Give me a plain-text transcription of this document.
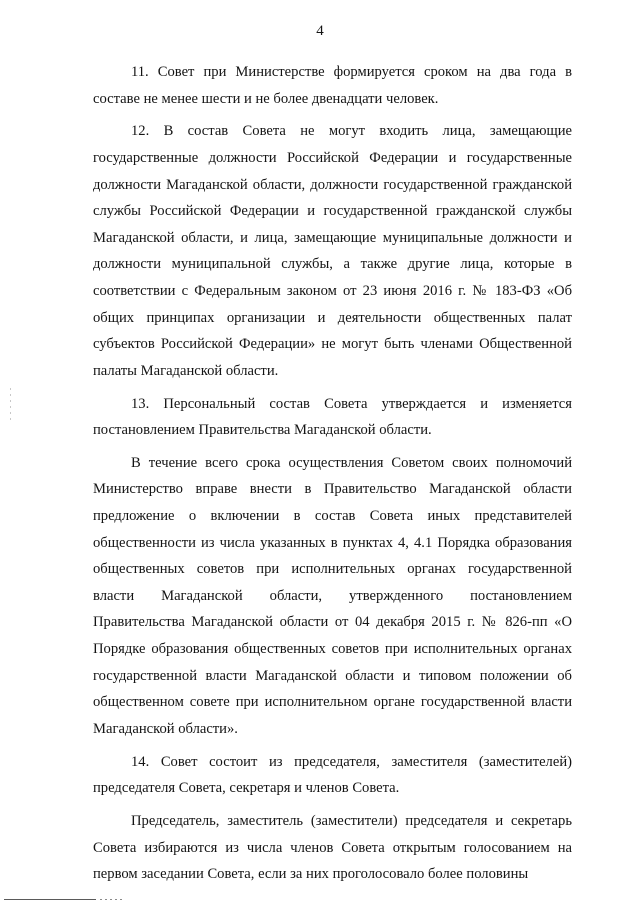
4

11. Совет при Министерстве формируется сроком на два года в составе не менее шести и не более двенадцати человек.

12. В состав Совета не могут входить лица, замещающие государственные должности Российской Федерации и государственные должности Магаданской области, должности государственной гражданской службы Российской Федерации и государственной гражданской службы Магаданской области, и лица, замещающие муниципальные должности и должности муниципальной службы, а также другие лица, которые в соответствии с Федеральным законом от 23 июня 2016 г. № 183-ФЗ «Об общих принципах организации и деятельности общественных палат субъектов Российской Федерации» не могут быть членами Общественной палаты Магаданской области.

13. Персональный состав Совета утверждается и изменяется постановлением Правительства Магаданской области.

В течение всего срока осуществления Советом своих полномочий Министерство вправе внести в Правительство Магаданской области предложение о включении в состав Совета иных представителей общественности из числа указанных в пунктах 4, 4.1 Порядка образования общественных советов при исполнительных органах государственной власти Магаданской области, утвержденного постановлением Правительства Магаданской области от 04 декабря 2015 г. № 826-пп «О Порядке образования общественных советов при исполнительных органах государственной власти Магаданской области и типовом положении об общественном совете при исполнительном органе государственной власти Магаданской области».

14. Совет состоит из председателя, заместителя (заместителей) председателя Совета, секретаря и членов Совета.

Председатель, заместитель (заместители) председателя и секретарь Совета избираются из числа членов Совета открытым голосованием на первом заседании Совета, если за них проголосовало более половины
